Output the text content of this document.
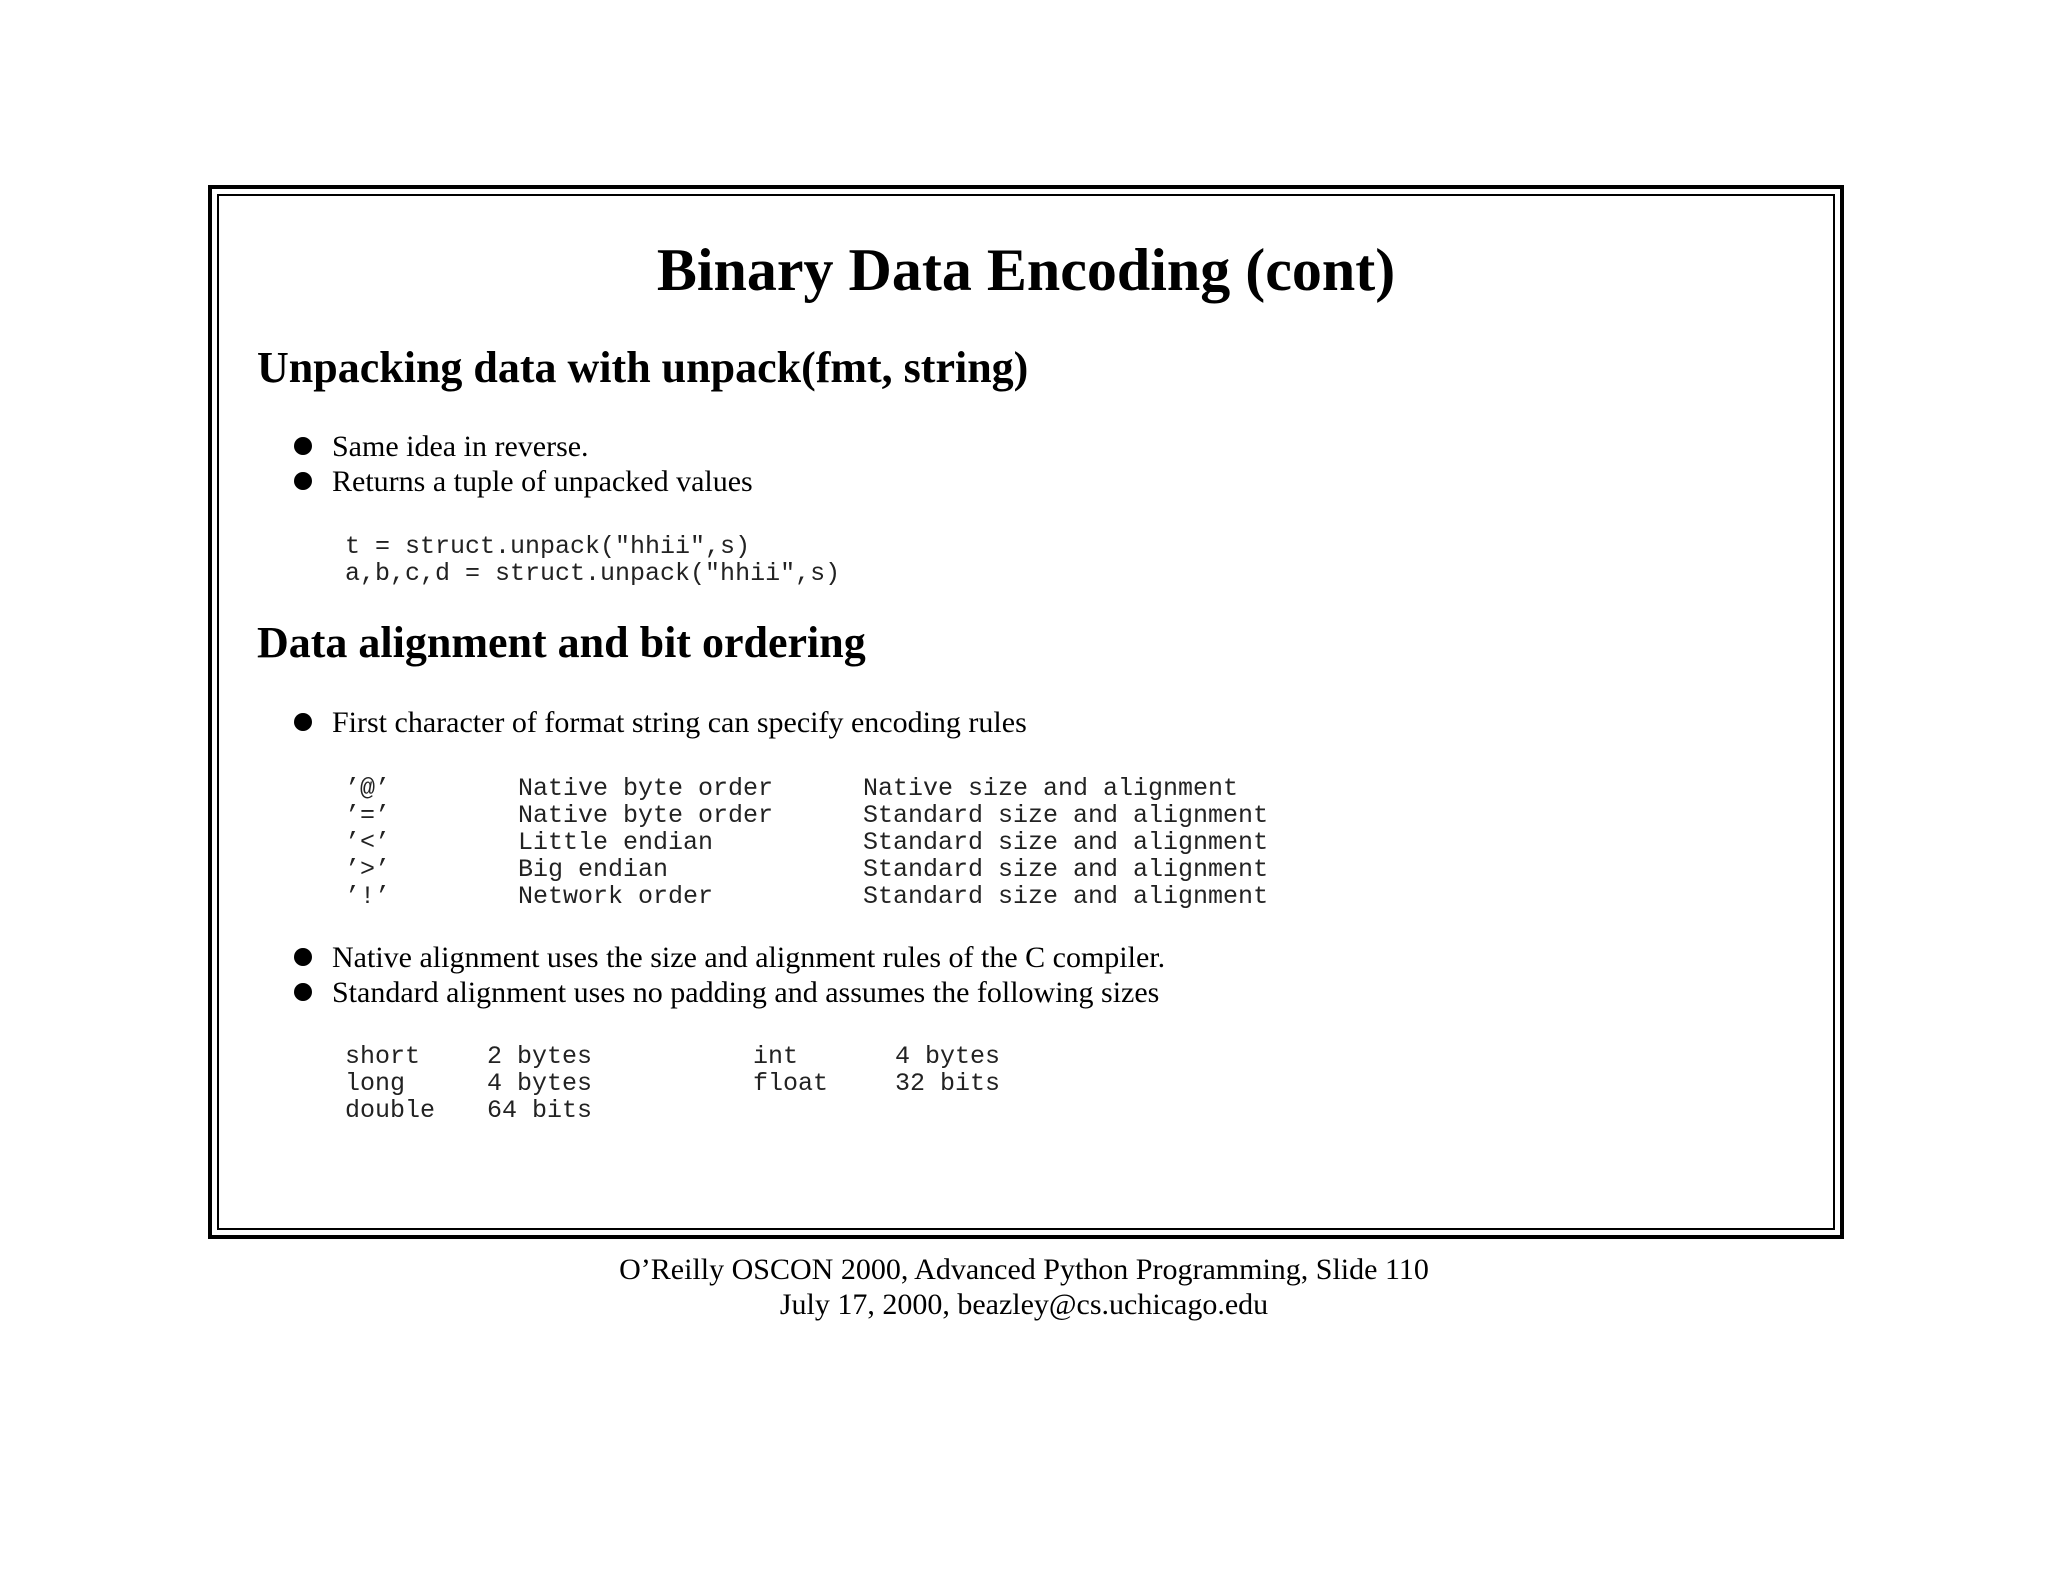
Binary Data Encoding (cont)
Unpacking data with unpack(fmt, string)
Same idea in reverse.
Returns a tuple of unpacked values
t = struct.unpack("hhii",s)
a,b,c,d = struct.unpack("hhii",s)
Data alignment and bit ordering
First character of format string can specify encoding rules
’@’	Native byte order	Native size and alignment
’=’	Native byte order	Standard size and alignment
’<’	Little endian	Standard size and alignment
’>’	Big endian	Standard size and alignment
’!’	Network order	Standard size and alignment
Native alignment uses the size and alignment rules of the C compiler.
Standard alignment uses no padding and assumes the following sizes
short	2 bytes	int	4 bytes
long	4 bytes	float	32 bits
double 64 bits
O’Reilly OSCON 2000, Advanced Python Programming, Slide 110
July 17, 2000, beazley@cs.uchicago.edu
